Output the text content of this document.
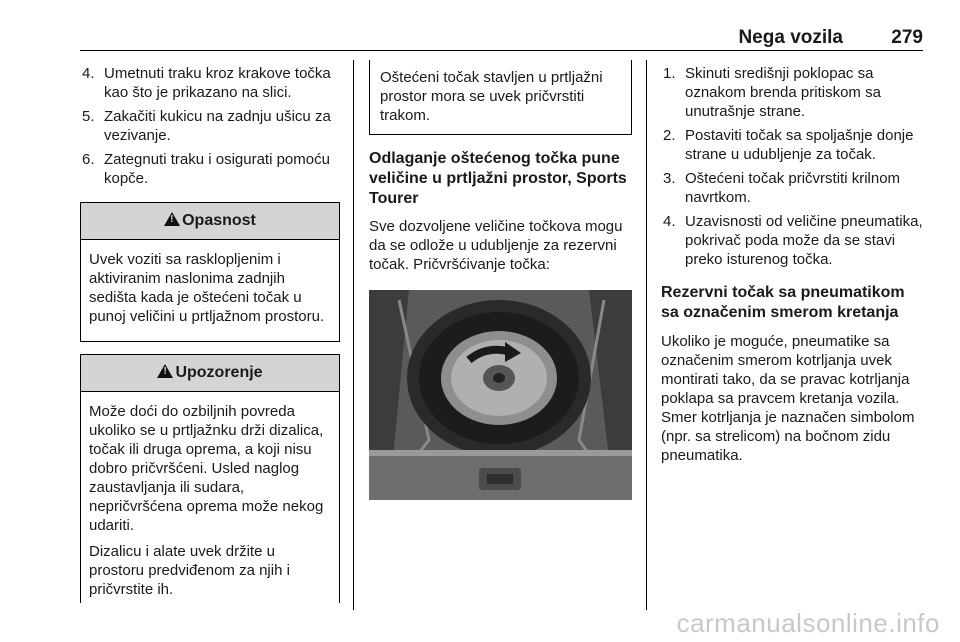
Nega vozila	279
4. Umetnuti traku kroz krakove točka kao što je prikazano na slici.
5. Zakačiti kukicu na zadnju ušicu za vezivanje.
6. Zategnuti traku i osigurati pomoću kopče.
!Opasnost

Uvek voziti sa rasklopljenim i aktiviranim naslonima zadnjih sedišta kada je oštećeni točak u punoj veličini u prtljažnom prostoru.

!Upozorenje

Može doći do ozbiljnih povreda ukoliko se u prtljažnku drži dizalica, točak ili druga oprema, a koji nisu dobro pričvršćeni. Usled naglog zaustavljanja ili sudara, nepričvršćena oprema može nekog udariti.

Dizalicu i alate uvek držite u prostoru predviđenom za njih i pričvrstite ih.

Oštećeni točak stavljen u prtljažni prostor mora se uvek pričvrstiti trakom.
Odlaganje oštećenog točka pune veličine u prtljažni prostor, Sports Tourer

Sve dozvoljene veličine točkova mogu da se odlože u udubljenje za rezervni točak. Pričvršćivanje točka:

1. Skinuti središnji poklopac sa oznakom brenda pritiskom sa unutrašnje strane.
2. Postaviti točak sa spoljašnje donje strane u udubljenje za točak.
3. Oštećeni točak pričvrstiti krilnom navrtkom.
4. Uzavisnosti od veličine pneumatika, pokrivač poda može da se stavi preko isturenog točka.
Rezervni točak sa pneumatikom sa označenim smerom kretanja

Ukoliko je moguće, pneumatike sa označenim smerom kotrljanja uvek montirati tako, da se pravac kotrljanja poklapa sa pravcem kretanja vozila. Smer kotrljanja je naznačen simbolom (npr. sa strelicom) na bočnom zidu pneumatika.

carmanualsonline.info
